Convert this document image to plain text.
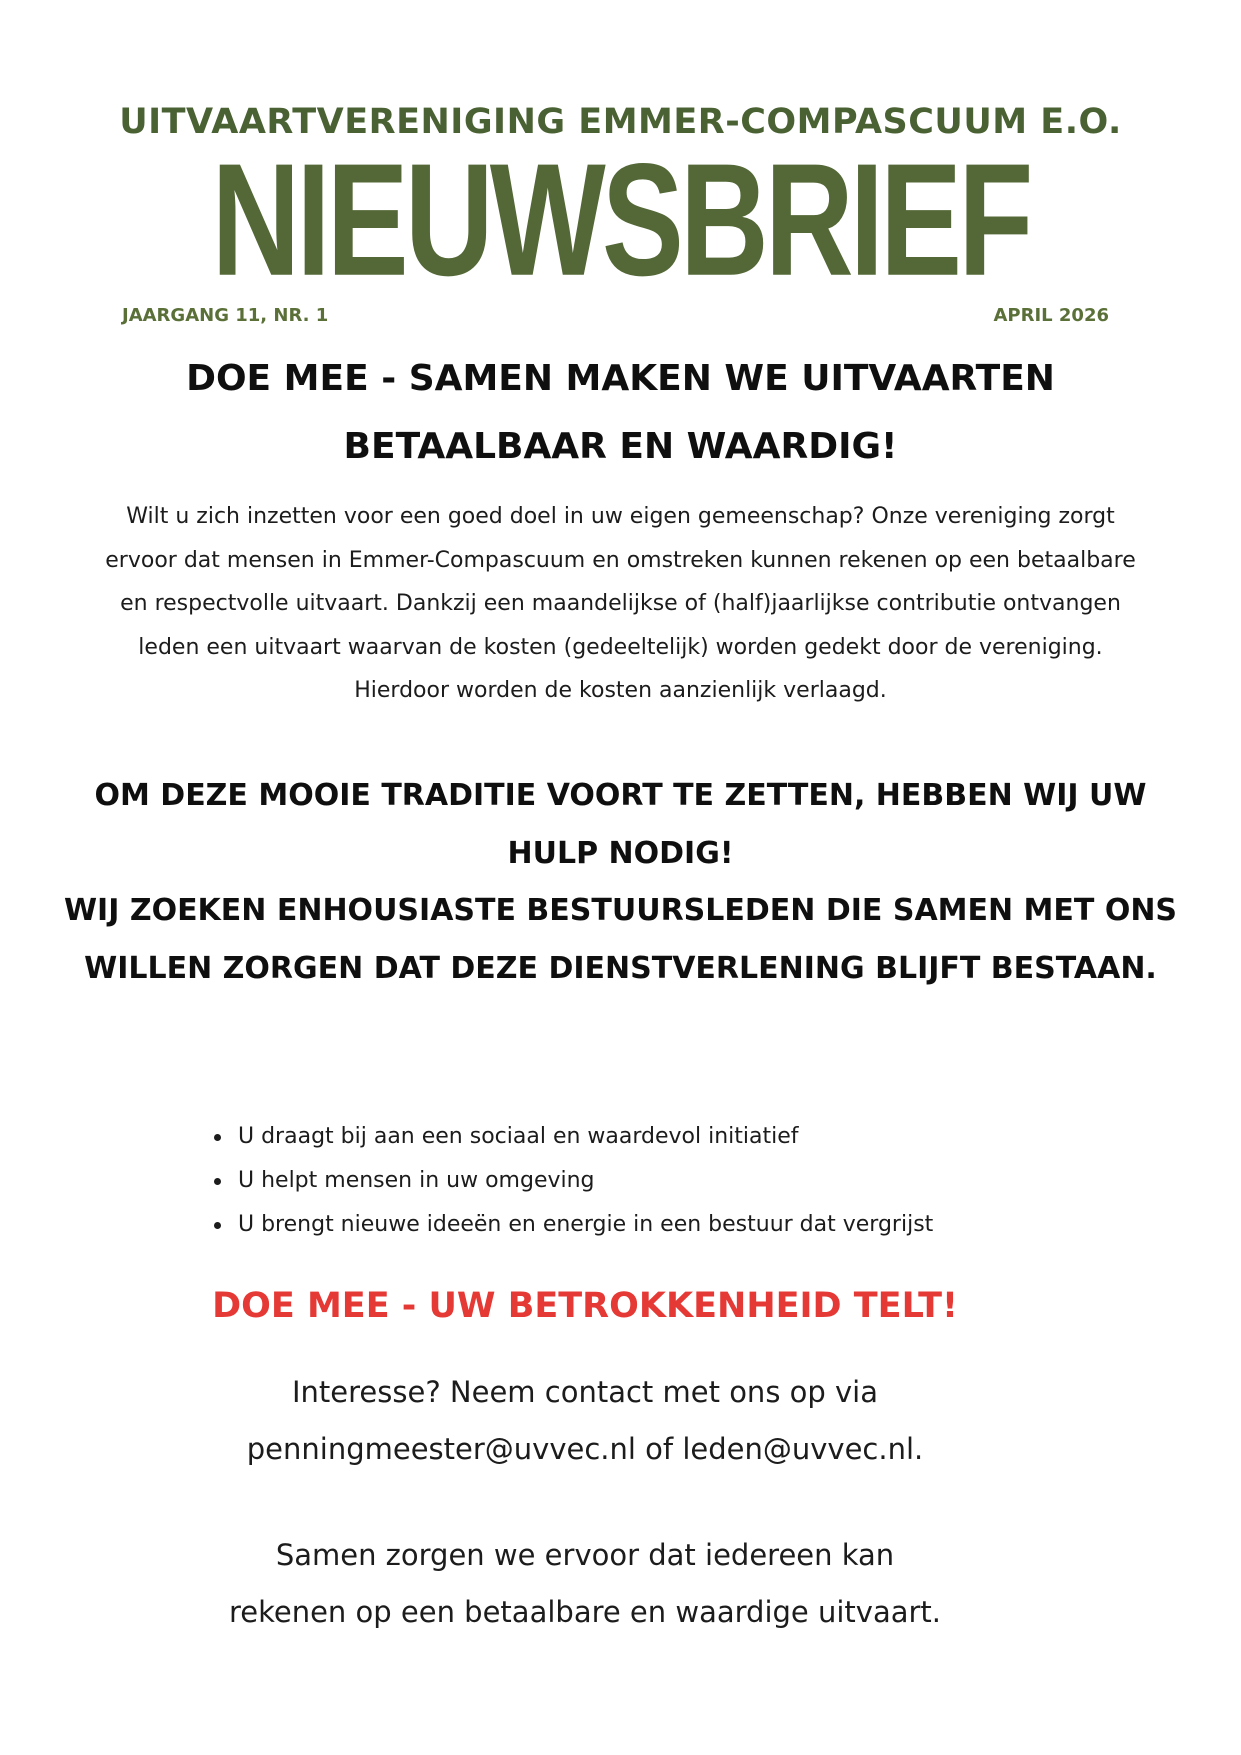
UITVAARTVERENIGING EMMER-COMPASCUUM E.O.
NIEUWSBRIEF
JAARGANG 11, NR. 1	APRIL 2026
DOE MEE - SAMEN MAKEN WE UITVAARTEN BETAALBAAR EN WAARDIG!

Wilt u zich inzetten voor een goed doel in uw eigen gemeenschap? Onze vereniging zorgt ervoor dat mensen in Emmer-Compascuum en omstreken kunnen rekenen op een betaalbare en respectvolle uitvaart. Dankzij een maandelijkse of (half)jaarlijkse contributie ontvangen leden een uitvaart waarvan de kosten (gedeeltelijk) worden gedekt door de vereniging. Hierdoor worden de kosten aanzienlijk verlaagd.

OM DEZE MOOIE TRADITIE VOORT TE ZETTEN, HEBBEN WIJ UW HULP NODIG!
WIJ ZOEKEN ENHOUSIASTE BESTUURSLEDEN DIE SAMEN MET ONS WILLEN ZORGEN DAT DEZE DIENSTVERLENING BLIJFT BESTAAN.
U draagt bij aan een sociaal en waardevol initiatief
U helpt mensen in uw omgeving
U brengt nieuwe ideeën en energie in een bestuur dat vergrijst
DOE MEE - UW BETROKKENHEID TELT!
Interesse? Neem contact met ons op via
penningmeester@uvvec.nl of leden@uvvec.nl.
Samen zorgen we ervoor dat iedereen kan
rekenen op een betaalbare en waardige uitvaart.
